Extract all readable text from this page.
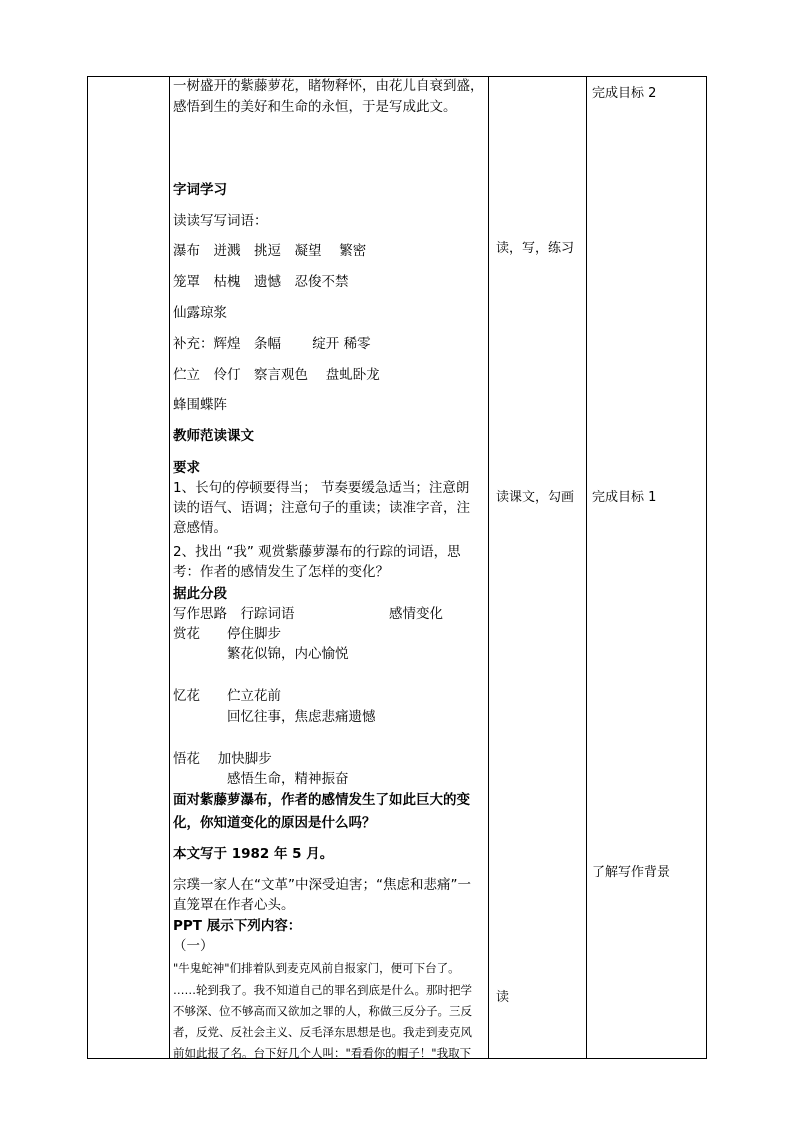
一树盛开的紫藤萝花，睹物释怀，由花儿自衰到盛，
感悟到生的美好和生命的永恒，于是写成此文。
字词学习
读读写写词语：
瀑布　迸溅　挑逗　凝望　 繁密
笼罩　枯槐　遗憾　忍俊不禁
仙露琼浆
补充：辉煌　条幅　　 绽开 稀零
伫立　伶仃　察言观色　 盘虬卧龙
蜂围蝶阵
教师范读课文
要求
1、长句的停顿要得当； 节奏要缓急适当；注意朗
读的语气、语调；注意句子的重读；读准字音，注
意感情。
2、找出 “我” 观赏紫藤萝瀑布的行踪的词语，思
考：作者的感情发生了怎样的变化？
据此分段
写作思路　行踪词语　　　　　　　感情变化
赏花　　停住脚步
　　　　繁花似锦，内心愉悦
忆花　　伫立花前
　　　　回忆往事，焦虑悲痛遗憾
悟花　 加快脚步
　　　　感悟生命，精神振奋
面对紫藤萝瀑布，作者的感情发生了如此巨大的变
化，你知道变化的原因是什么吗？
本文写于 1982 年 5 月。
宗璞一家人在“文革”中深受迫害；“焦虑和悲痛”一
直笼罩在作者心头。
PPT 展示下列内容：
（一）
"牛鬼蛇神"们排着队到麦克风前自报家门，便可下台了。
……轮到我了。我不知道自己的罪名到底是什么。那时把学
不够深、位不够高而又欲加之罪的人，称做三反分子。三反
者，反党、反社会主义、反毛泽东思想是也。我走到麦克风
前如此报了名。台下好几个人叫："看看你的帽子！"我取下
读，写，练习
读课文，勾画
读
完成目标 2
完成目标 1
了解写作背景
